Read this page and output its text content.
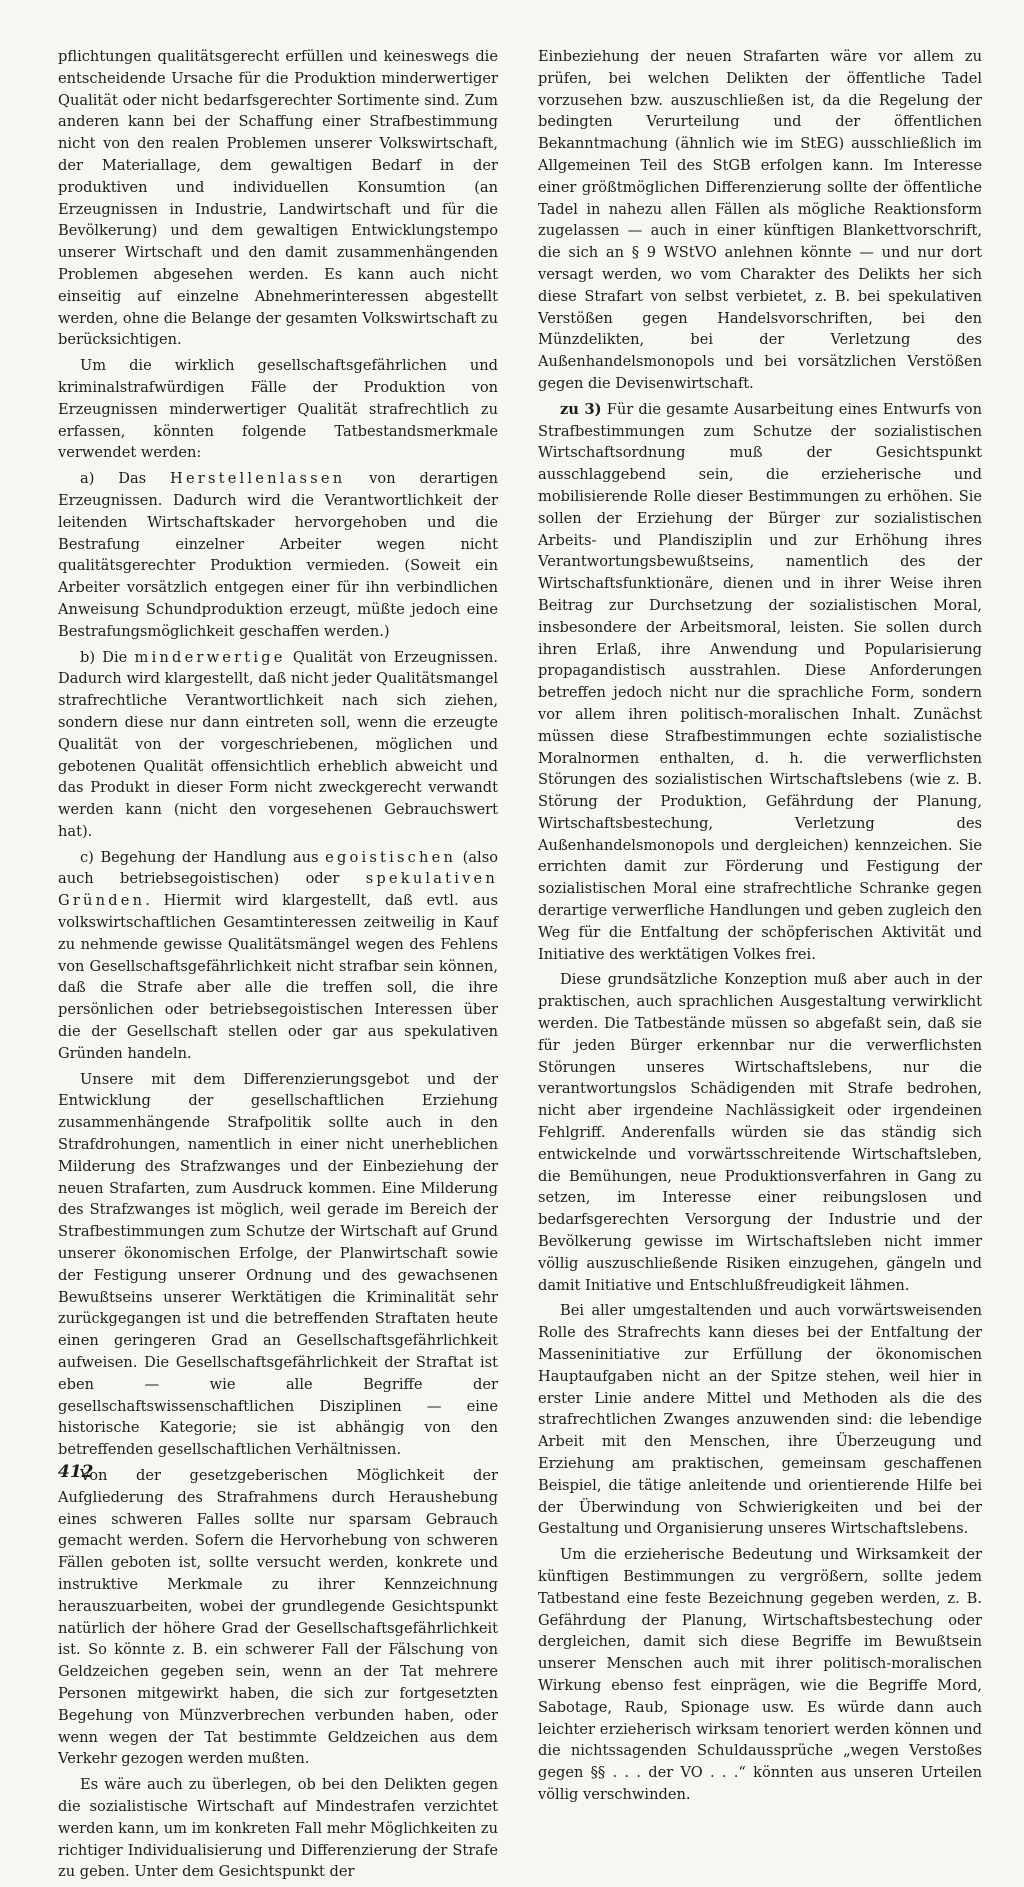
pflichtungen qualitätsgerecht erfüllen und keineswegs die entscheidende Ursache für die Produktion minderwertiger Qualität oder nicht bedarfsgerechter Sortimente sind. Zum anderen kann bei der Schaffung einer Strafbestimmung nicht von den realen Problemen unserer Volkswirtschaft, der Materiallage, dem gewaltigen Bedarf in der produktiven und individuellen Konsumtion (an Erzeugnissen in Industrie, Landwirtschaft und für die Bevölkerung) und dem gewaltigen Entwicklungstempo unserer Wirtschaft und den damit zusammenhängenden Problemen abgesehen werden. Es kann auch nicht einseitig auf einzelne Abnehmerinteressen abgestellt werden, ohne die Belange der gesamten Volkswirtschaft zu berücksichtigen.

Um die wirklich gesellschaftsgefährlichen und kriminalstrafwürdigen Fälle der Produktion von Erzeugnissen minderwertiger Qualität strafrechtlich zu erfassen, könnten folgende Tatbestandsmerkmale verwendet werden:

a) Das Herstellenlassen von derartigen Erzeugnissen. Dadurch wird die Verantwortlichkeit der leitenden Wirtschaftskader hervorgehoben und die Bestrafung einzelner Arbeiter wegen nicht qualitätsgerechter Produktion vermieden. (Soweit ein Arbeiter vorsätzlich entgegen einer für ihn verbindlichen Anweisung Schundproduktion erzeugt, müßte jedoch eine Bestrafungsmöglichkeit geschaffen werden.)

b) Die minderwertige Qualität von Erzeugnissen. Dadurch wird klargestellt, daß nicht jeder Qualitätsmangel strafrechtliche Verantwortlichkeit nach sich ziehen, sondern diese nur dann eintreten soll, wenn die erzeugte Qualität von der vorgeschriebenen, möglichen und gebotenen Qualität offensichtlich erheblich abweicht und das Produkt in dieser Form nicht zweckgerecht verwandt werden kann (nicht den vorgesehenen Gebrauchswert hat).

c) Begehung der Handlung aus egoistischen (also auch betriebsegoistischen) oder spekulativen Gründen. Hiermit wird klargestellt, daß evtl. aus volkswirtschaftlichen Gesamtinteressen zeitweilig in Kauf zu nehmende gewisse Qualitätsmängel wegen des Fehlens von Gesellschaftsgefährlichkeit nicht strafbar sein können, daß die Strafe aber alle die treffen soll, die ihre persönlichen oder betriebsegoistischen Interessen über die der Gesellschaft stellen oder gar aus spekulativen Gründen handeln.

Unsere mit dem Differenzierungsgebot und der Entwicklung der gesellschaftlichen Erziehung zusammenhängende Strafpolitik sollte auch in den Strafdrohungen, namentlich in einer nicht unerheblichen Milderung des Strafzwanges und der Einbeziehung der neuen Strafarten, zum Ausdruck kommen. Eine Milderung des Strafzwanges ist möglich, weil gerade im Bereich der Strafbestimmungen zum Schutze der Wirtschaft auf Grund unserer ökonomischen Erfolge, der Planwirtschaft sowie der Festigung unserer Ordnung und des gewachsenen Bewußtseins unserer Werktätigen die Kriminalität sehr zurückgegangen ist und die betreffenden Straftaten heute einen geringeren Grad an Gesellschaftsgefährlichkeit aufweisen. Die Gesellschaftsgefährlichkeit der Straftat ist eben — wie alle Begriffe der gesellschaftswissenschaftlichen Disziplinen — eine historische Kategorie; sie ist abhängig von den betreffenden gesellschaftlichen Verhältnissen.

Von der gesetzgeberischen Möglichkeit der Aufgliederung des Strafrahmens durch Heraushebung eines schweren Falles sollte nur sparsam Gebrauch gemacht werden. Sofern die Hervorhebung von schweren Fällen geboten ist, sollte versucht werden, konkrete und instruktive Merkmale zu ihrer Kennzeichnung herauszuarbeiten, wobei der grundlegende Gesichtspunkt natürlich der höhere Grad der Gesellschaftsgefährlichkeit ist. So könnte z. B. ein schwerer Fall der Fälschung von Geldzeichen gegeben sein, wenn an der Tat mehrere Personen mitgewirkt haben, die sich zur fortgesetzten Begehung von Münzverbrechen verbunden haben, oder wenn wegen der Tat bestimmte Geldzeichen aus dem Verkehr gezogen werden mußten.

Es wäre auch zu überlegen, ob bei den Delikten gegen die sozialistische Wirtschaft auf Mindestrafen verzichtet werden kann, um im konkreten Fall mehr Möglichkeiten zu richtiger Individualisierung und Differenzierung der Strafe zu geben. Unter dem Gesichtspunkt der

Einbeziehung der neuen Strafarten wäre vor allem zu prüfen, bei welchen Delikten der öffentliche Tadel vorzusehen bzw. auszuschließen ist, da die Regelung der bedingten Verurteilung und der öffentlichen Bekanntmachung (ähnlich wie im StEG) ausschließlich im Allgemeinen Teil des StGB erfolgen kann. Im Interesse einer größtmöglichen Differenzierung sollte der öffentliche Tadel in nahezu allen Fällen als mögliche Reaktionsform zugelassen — auch in einer künftigen Blankettvorschrift, die sich an § 9 WStVO anlehnen könnte — und nur dort versagt werden, wo vom Charakter des Delikts her sich diese Strafart von selbst verbietet, z. B. bei spekulativen Verstößen gegen Handelsvorschriften, bei den Münzdelikten, bei der Verletzung des Außenhandelsmonopols und bei vorsätzlichen Verstößen gegen die Devisenwirtschaft.

zu 3) Für die gesamte Ausarbeitung eines Entwurfs von Strafbestimmungen zum Schutze der sozialistischen Wirtschaftsordnung muß der Gesichtspunkt ausschlaggebend sein, die erzieherische und mobilisierende Rolle dieser Bestimmungen zu erhöhen. Sie sollen der Erziehung der Bürger zur sozialistischen Arbeits- und Plandisziplin und zur Erhöhung ihres Verantwortungsbewußtseins, namentlich des der Wirtschaftsfunktionäre, dienen und in ihrer Weise ihren Beitrag zur Durchsetzung der sozialistischen Moral, insbesondere der Arbeitsmoral, leisten. Sie sollen durch ihren Erlaß, ihre Anwendung und Popularisierung propagandistisch ausstrahlen. Diese Anforderungen betreffen jedoch nicht nur die sprachliche Form, sondern vor allem ihren politisch-moralischen Inhalt. Zunächst müssen diese Strafbestimmungen echte sozialistische Moralnormen enthalten, d. h. die verwerflichsten Störungen des sozialistischen Wirtschaftslebens (wie z. B. Störung der Produktion, Gefährdung der Planung, Wirtschaftsbestechung, Verletzung des Außenhandelsmonopols und dergleichen) kennzeichen. Sie errichten damit zur Förderung und Festigung der sozialistischen Moral eine strafrechtliche Schranke gegen derartige verwerfliche Handlungen und geben zugleich den Weg für die Entfaltung der schöpferischen Aktivität und Initiative des werktätigen Volkes frei.

Diese grundsätzliche Konzeption muß aber auch in der praktischen, auch sprachlichen Ausgestaltung verwirklicht werden. Die Tatbestände müssen so abgefaßt sein, daß sie für jeden Bürger erkennbar nur die verwerflichsten Störungen unseres Wirtschaftslebens, nur die verantwortungslos Schädigenden mit Strafe bedrohen, nicht aber irgendeine Nachlässigkeit oder irgendeinen Fehlgriff. Anderenfalls würden sie das ständig sich entwickelnde und vorwärtsschreitende Wirtschaftsleben, die Bemühungen, neue Produktionsverfahren in Gang zu setzen, im Interesse einer reibungslosen und bedarfsgerechten Versorgung der Industrie und der Bevölkerung gewisse im Wirtschaftsleben nicht immer völlig auszuschließende Risiken einzugehen, gängeln und damit Initiative und Entschlußfreudigkeit lähmen.

Bei aller umgestaltenden und auch vorwärtsweisenden Rolle des Strafrechts kann dieses bei der Entfaltung der Masseninitiative zur Erfüllung der ökonomischen Hauptaufgaben nicht an der Spitze stehen, weil hier in erster Linie andere Mittel und Methoden als die des strafrechtlichen Zwanges anzuwenden sind: die lebendige Arbeit mit den Menschen, ihre Überzeugung und Erziehung am praktischen, gemeinsam geschaffenen Beispiel, die tätige anleitende und orientierende Hilfe bei der Überwindung von Schwierigkeiten und bei der Gestaltung und Organisierung unseres Wirtschaftslebens.

Um die erzieherische Bedeutung und Wirksamkeit der künftigen Bestimmungen zu vergrößern, sollte jedem Tatbestand eine feste Bezeichnung gegeben werden, z. B. Gefährdung der Planung, Wirtschaftsbestechung oder dergleichen, damit sich diese Begriffe im Bewußtsein unserer Menschen auch mit ihrer politisch-moralischen Wirkung ebenso fest einprägen, wie die Begriffe Mord, Sabotage, Raub, Spionage usw. Es würde dann auch leichter erzieherisch wirksam tenoriert werden können und die nichtssagenden Schuldaussprüche „wegen Verstoßes gegen §§ . . . der VO . . .“ könnten aus unseren Urteilen völlig verschwinden.

412
